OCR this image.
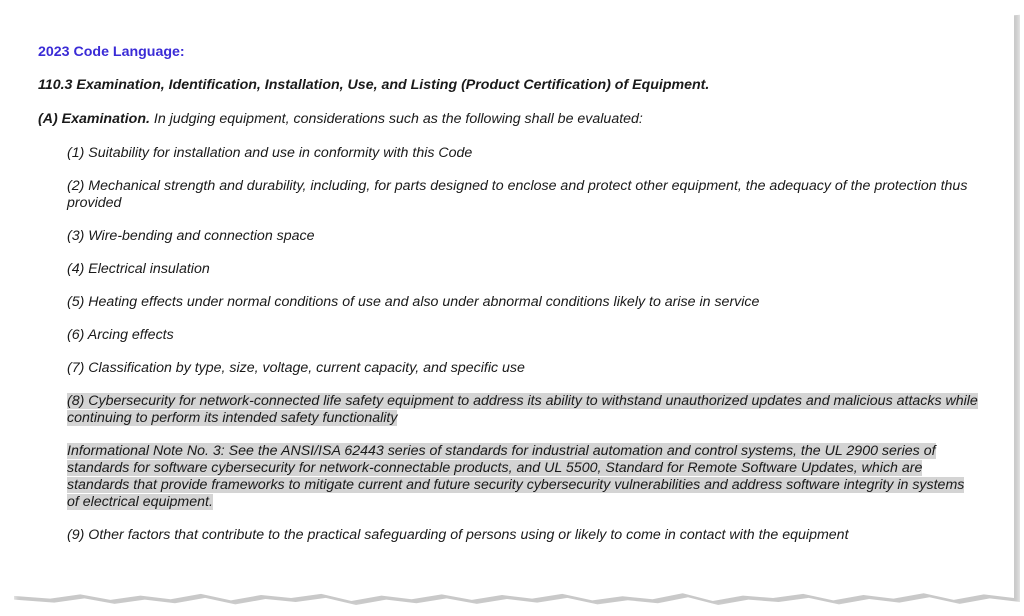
2023 Code Language:
110.3 Examination, Identification, Installation, Use, and Listing (Product Certification) of Equipment.
(A) Examination. In judging equipment, considerations such as the following shall be evaluated:
(1) Suitability for installation and use in conformity with this Code
(2) Mechanical strength and durability, including, for parts designed to enclose and protect other equipment, the adequacy of the protection thus provided
(3) Wire-bending and connection space
(4) Electrical insulation
(5) Heating effects under normal conditions of use and also under abnormal conditions likely to arise in service
(6) Arcing effects
(7) Classification by type, size, voltage, current capacity, and specific use
(8) Cybersecurity for network-connected life safety equipment to address its ability to withstand unauthorized updates and malicious attacks while continuing to perform its intended safety functionality
Informational Note No. 3: See the ANSI/ISA 62443 series of standards for industrial automation and control systems, the UL 2900 series of standards for software cybersecurity for network-connectable products, and UL 5500, Standard for Remote Software Updates, which are standards that provide frameworks to mitigate current and future security cybersecurity vulnerabilities and address software integrity in systems of electrical equipment.
(9) Other factors that contribute to the practical safeguarding of persons using or likely to come in contact with the equipment
